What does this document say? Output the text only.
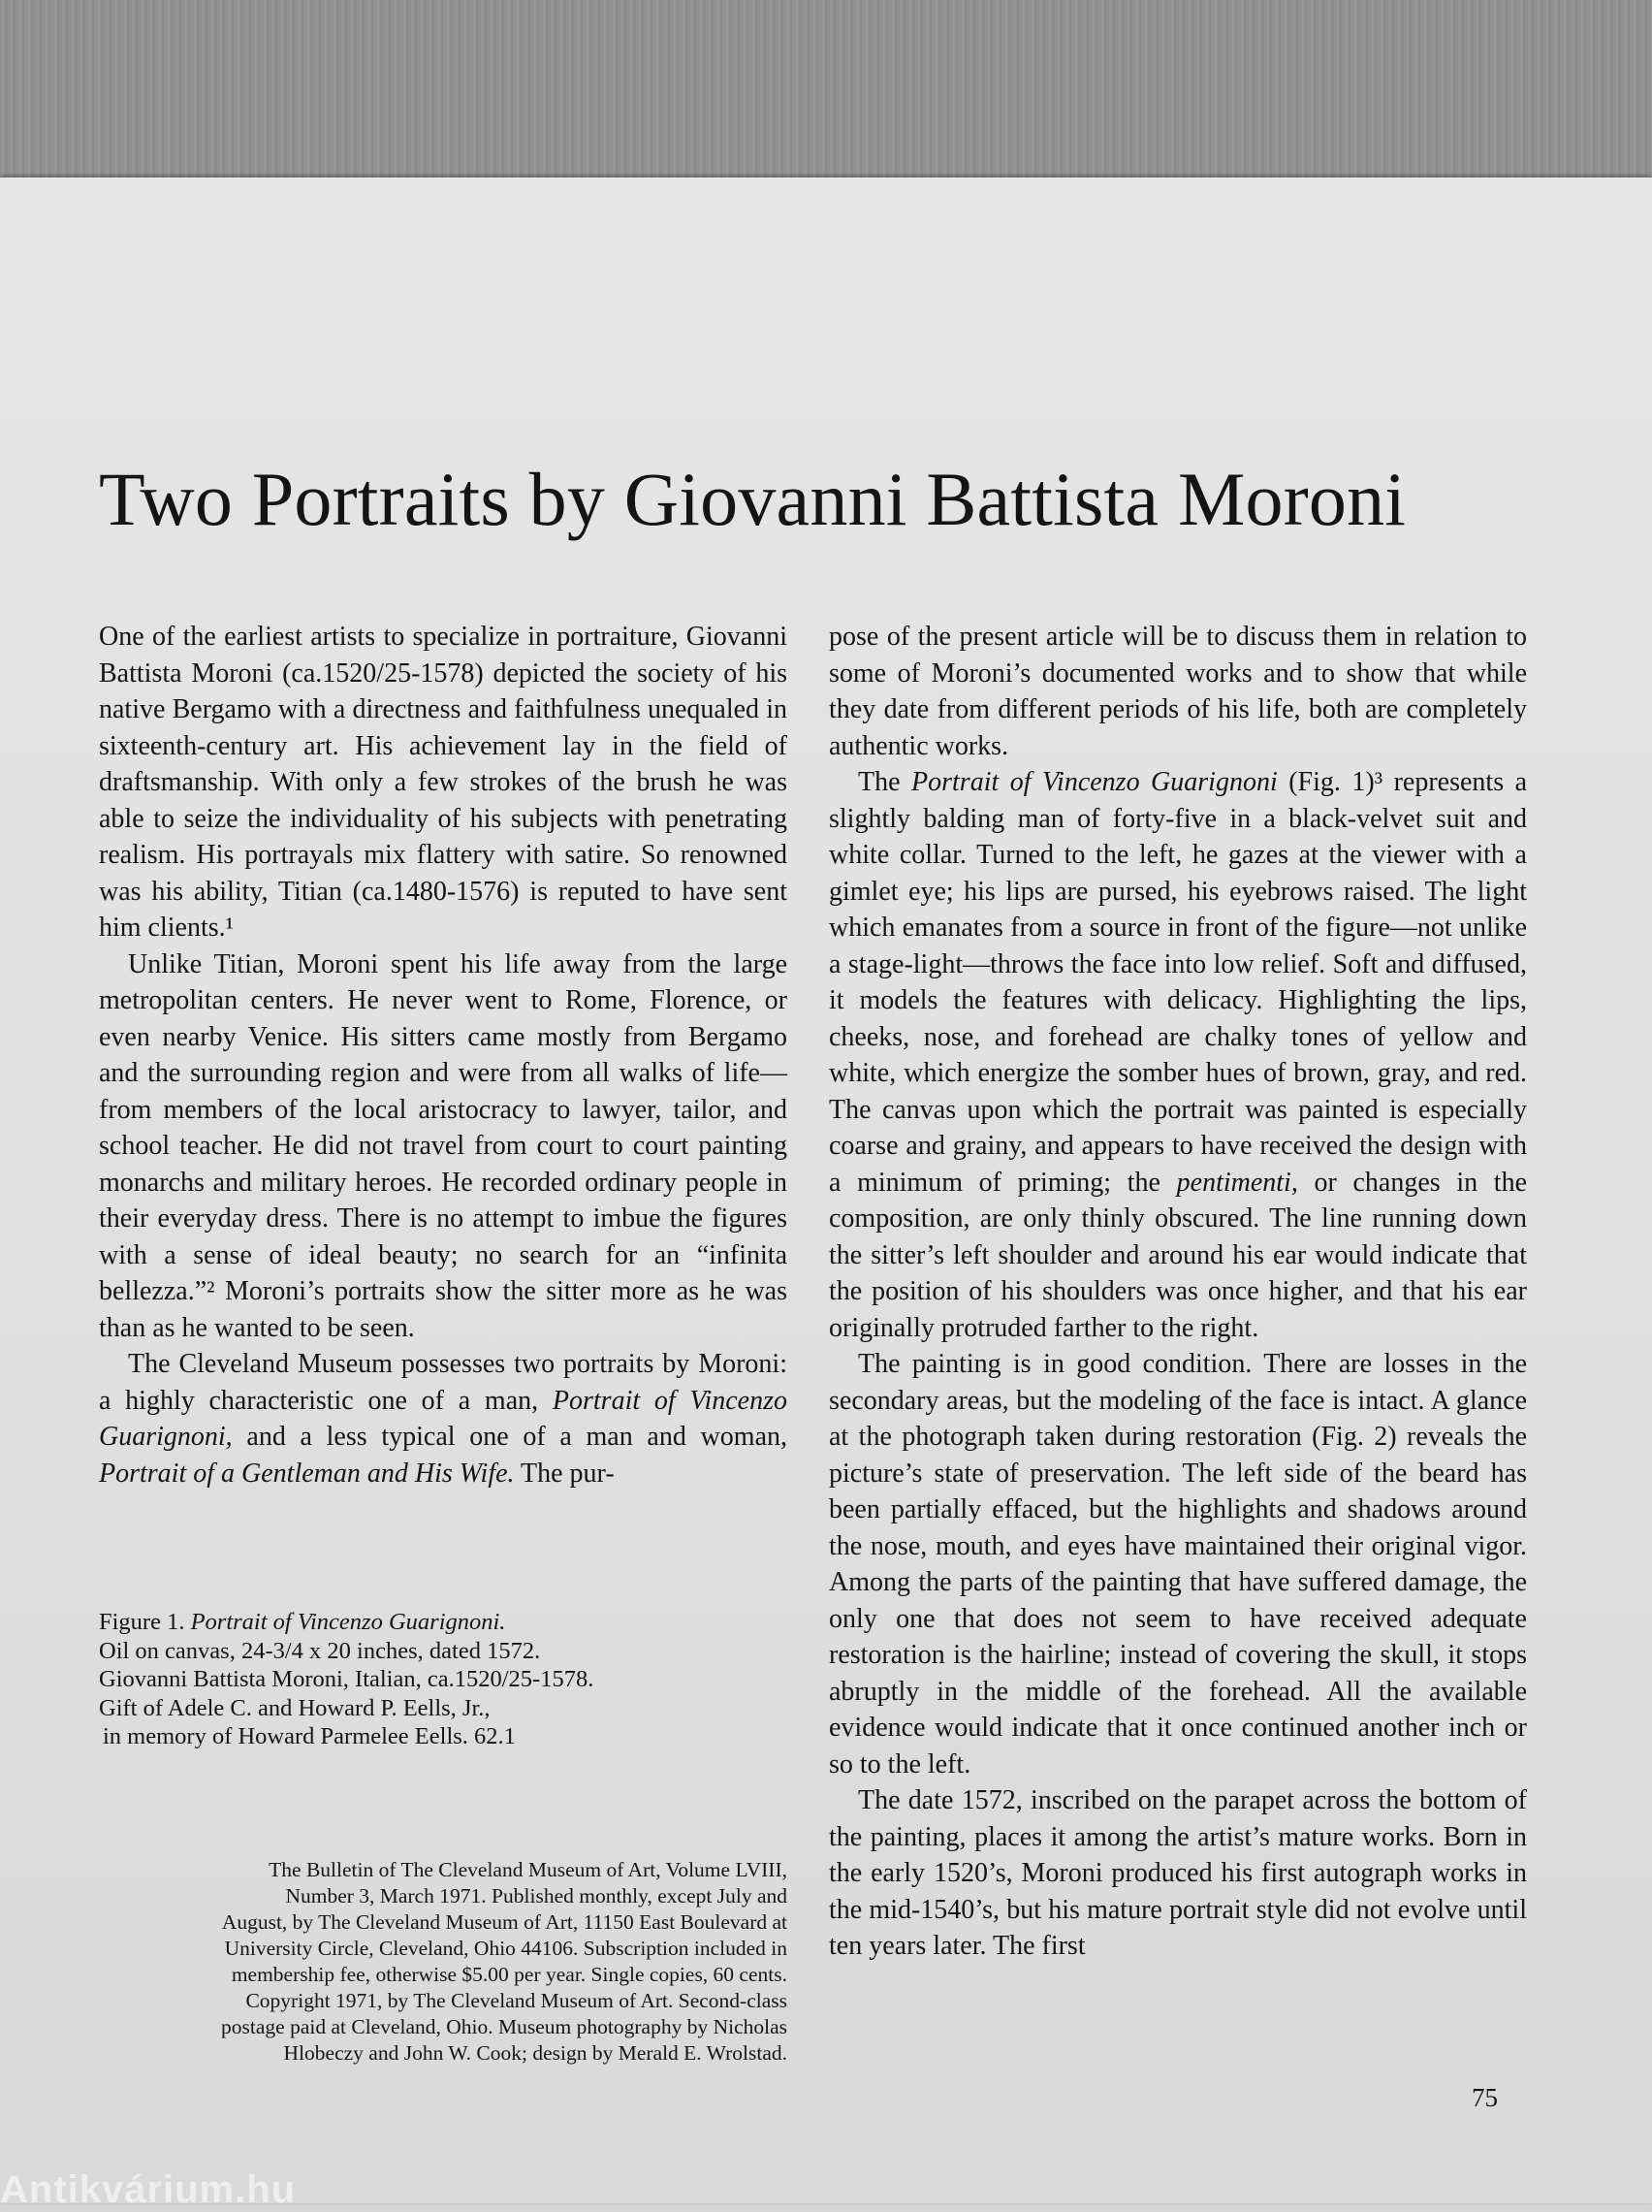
Two Portraits by Giovanni Battista Moroni

One of the earliest artists to specialize in portraiture, Giovanni Battista Moroni (ca.1520/25-1578) depicted the society of his native Bergamo with a directness and faithfulness unequaled in sixteenth-century art. His achievement lay in the field of draftsmanship. With only a few strokes of the brush he was able to seize the individuality of his subjects with penetrating realism. His portrayals mix flattery with satire. So renowned was his ability, Titian (ca.1480-1576) is reputed to have sent him clients.¹

Unlike Titian, Moroni spent his life away from the large metropolitan centers. He never went to Rome, Florence, or even nearby Venice. His sitters came mostly from Bergamo and the surrounding region and were from all walks of life—from members of the local aristocracy to lawyer, tailor, and school teacher. He did not travel from court to court painting monarchs and military heroes. He recorded ordinary people in their everyday dress. There is no attempt to imbue the figures with a sense of ideal beauty; no search for an “infinita bellezza.”² Moroni’s portraits show the sitter more as he was than as he wanted to be seen.

The Cleveland Museum possesses two portraits by Moroni: a highly characteristic one of a man, Portrait of Vincenzo Guarignoni, and a less typical one of a man and woman, Portrait of a Gentleman and His Wife. The pur-

pose of the present article will be to discuss them in relation to some of Moroni’s documented works and to show that while they date from different periods of his life, both are completely authentic works.

The Portrait of Vincenzo Guarignoni (Fig. 1)³ represents a slightly balding man of forty-five in a black-velvet suit and white collar. Turned to the left, he gazes at the viewer with a gimlet eye; his lips are pursed, his eyebrows raised. The light which emanates from a source in front of the figure—not unlike a stage-light—throws the face into low relief. Soft and diffused, it models the features with delicacy. Highlighting the lips, cheeks, nose, and forehead are chalky tones of yellow and white, which energize the somber hues of brown, gray, and red. The canvas upon which the portrait was painted is especially coarse and grainy, and appears to have received the design with a minimum of priming; the pentimenti, or changes in the composition, are only thinly obscured. The line running down the sitter’s left shoulder and around his ear would indicate that the position of his shoulders was once higher, and that his ear originally protruded farther to the right.

The painting is in good condition. There are losses in the secondary areas, but the modeling of the face is intact. A glance at the photograph taken during restoration (Fig. 2) reveals the picture’s state of preservation. The left side of the beard has been partially effaced, but the highlights and shadows around the nose, mouth, and eyes have maintained their original vigor. Among the parts of the painting that have suffered damage, the only one that does not seem to have received adequate restoration is the hairline; instead of covering the skull, it stops abruptly in the middle of the forehead. All the available evidence would indicate that it once continued another inch or so to the left.

The date 1572, inscribed on the parapet across the bottom of the painting, places it among the artist’s mature works. Born in the early 1520’s, Moroni produced his first autograph works in the mid-1540’s, but his mature portrait style did not evolve until ten years later. The first

Figure 1. Portrait of Vincenzo Guarignoni.
Oil on canvas, 24-3/4 x 20 inches, dated 1572.
Giovanni Battista Moroni, Italian, ca.1520/25-1578.
Gift of Adele C. and Howard P. Eells, Jr.,
in memory of Howard Parmelee Eells. 62.1
The Bulletin of The Cleveland Museum of Art, Volume LVIII,
Number 3, March 1971. Published monthly, except July and
August, by The Cleveland Museum of Art, 11150 East Boulevard at
University Circle, Cleveland, Ohio 44106. Subscription included in
membership fee, otherwise $5.00 per year. Single copies, 60 cents.
Copyright 1971, by The Cleveland Museum of Art. Second-class
postage paid at Cleveland, Ohio. Museum photography by Nicholas
Hlobeczy and John W. Cook; design by Merald E. Wrolstad.
75
Antikvárium.hu
